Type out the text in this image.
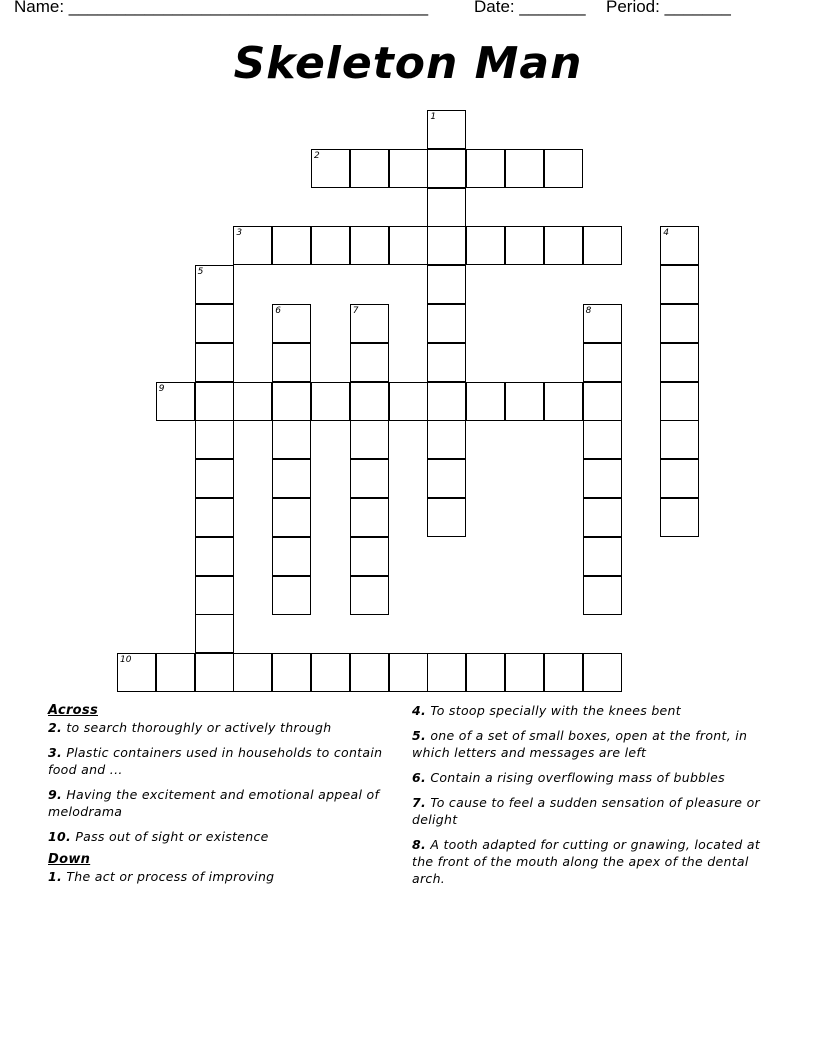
Name: ______________________________________	Date: _______ Period: _______
Skeleton Man
1
2
3	4
5
6	7	8
9
10
Across
2. to search thoroughly or actively through
3. Plastic containers used in households to contain food and ...
9. Having the excitement and emotional appeal of melodrama
10. Pass out of sight or existence
Down
1. The act or process of improving
4. To stoop specially with the knees bent
5. one of a set of small boxes, open at the front, in which letters and messages are left
6. Contain a rising overflowing mass of bubbles
7. To cause to feel a sudden sensation of pleasure or delight
8. A tooth adapted for cutting or gnawing, located at the front of the mouth along the apex of the dental arch.
